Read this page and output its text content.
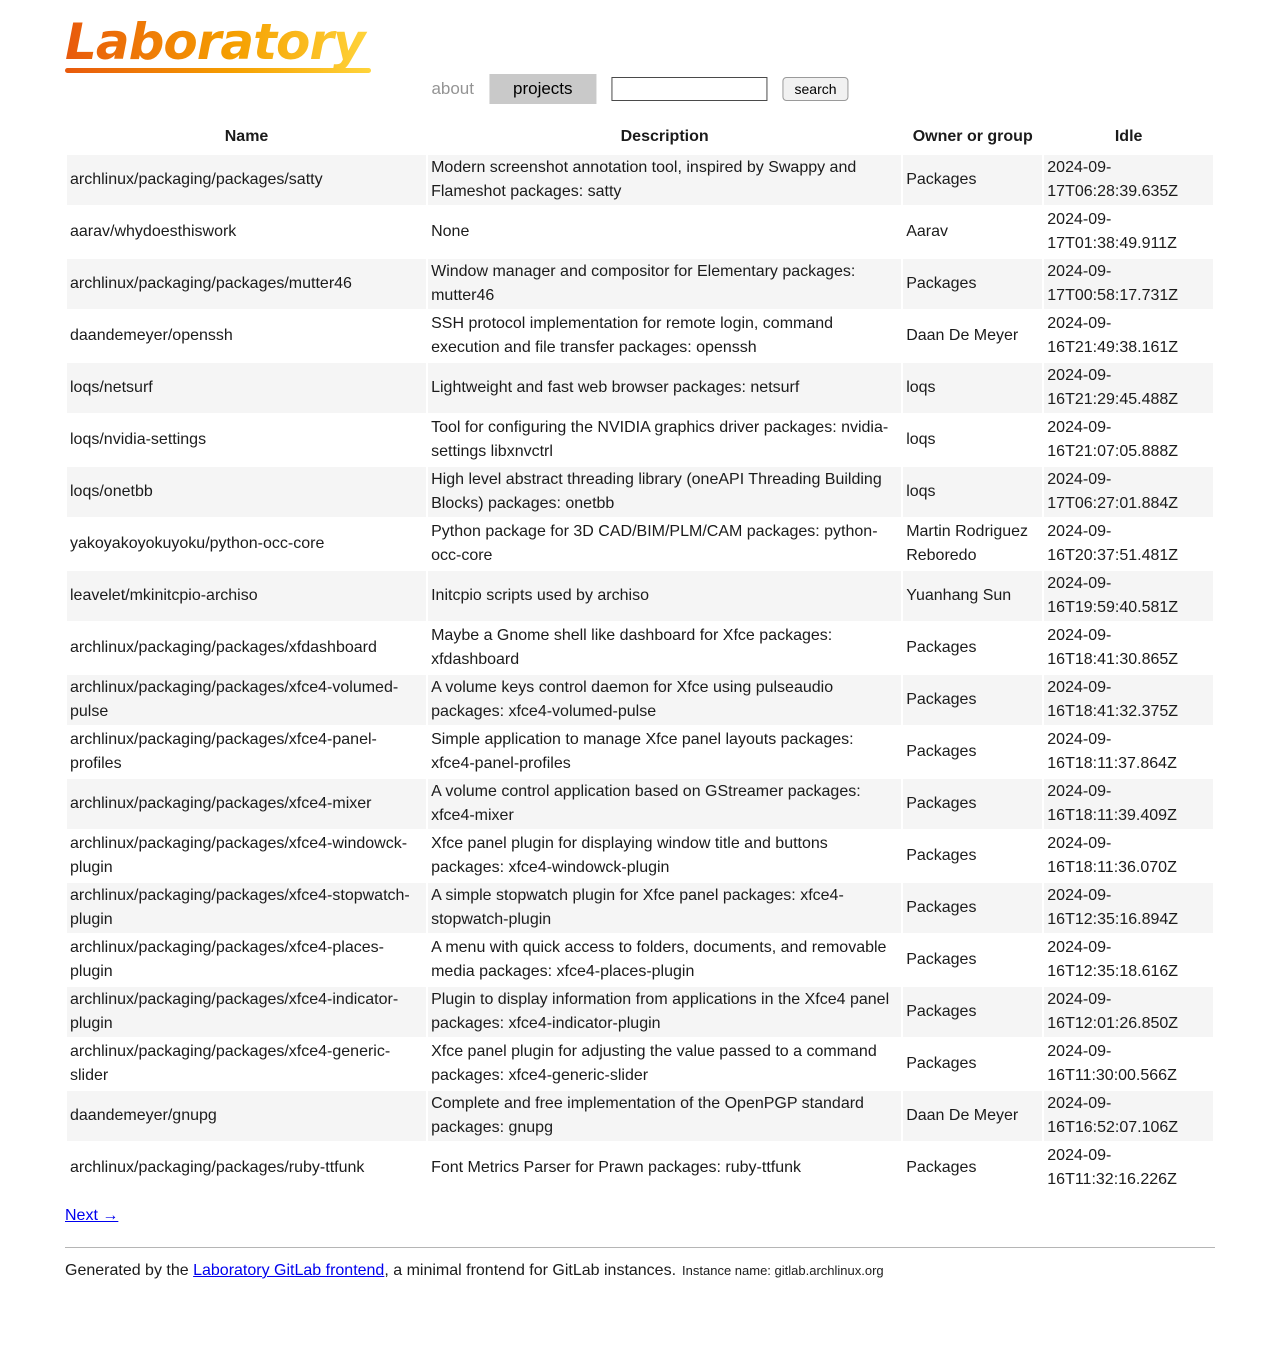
Laboratory
about	projects	search
Name	Description	Owner or group	Idle
archlinux/packaging/packages/satty	Modern screenshot annotation tool, inspired by Swappy and Flameshot packages: satty	Packages	2024-09-17T06:28:39.635Z
aarav/whydoesthiswork	None	Aarav	2024-09-17T01:38:49.911Z
archlinux/packaging/packages/mutter46	Window manager and compositor for Elementary packages: mutter46	Packages	2024-09-17T00:58:17.731Z
daandemeyer/openssh	SSH protocol implementation for remote login, command execution and file transfer packages: openssh	Daan De Meyer	2024-09-16T21:49:38.161Z
loqs/netsurf	Lightweight and fast web browser packages: netsurf	loqs	2024-09-16T21:29:45.488Z
loqs/nvidia-settings	Tool for configuring the NVIDIA graphics driver packages: nvidia-settings libxnvctrl	loqs	2024-09-16T21:07:05.888Z
loqs/onetbb	High level abstract threading library (oneAPI Threading Building Blocks) packages: onetbb	loqs	2024-09-17T06:27:01.884Z
yakoyakoyokuyoku/python-occ-core	Python package for 3D CAD/BIM/PLM/CAM packages: python-occ-core	Martin Rodriguez Reboredo	2024-09-16T20:37:51.481Z
leavelet/mkinitcpio-archiso	Initcpio scripts used by archiso	Yuanhang Sun	2024-09-16T19:59:40.581Z
archlinux/packaging/packages/xfdashboard	Maybe a Gnome shell like dashboard for Xfce packages: xfdashboard	Packages	2024-09-16T18:41:30.865Z
archlinux/packaging/packages/xfce4-volumed-pulse	A volume keys control daemon for Xfce using pulseaudio packages: xfce4-volumed-pulse	Packages	2024-09-16T18:41:32.375Z
archlinux/packaging/packages/xfce4-panel-profiles	Simple application to manage Xfce panel layouts packages: xfce4-panel-profiles	Packages	2024-09-16T18:11:37.864Z
archlinux/packaging/packages/xfce4-mixer	A volume control application based on GStreamer packages: xfce4-mixer	Packages	2024-09-16T18:11:39.409Z
archlinux/packaging/packages/xfce4-windowck-plugin	Xfce panel plugin for displaying window title and buttons packages: xfce4-windowck-plugin	Packages	2024-09-16T18:11:36.070Z
archlinux/packaging/packages/xfce4-stopwatch-plugin	A simple stopwatch plugin for Xfce panel packages: xfce4-stopwatch-plugin	Packages	2024-09-16T12:35:16.894Z
archlinux/packaging/packages/xfce4-places-plugin	A menu with quick access to folders, documents, and removable media packages: xfce4-places-plugin	Packages	2024-09-16T12:35:18.616Z
archlinux/packaging/packages/xfce4-indicator-plugin	Plugin to display information from applications in the Xfce4 panel packages: xfce4-indicator-plugin	Packages	2024-09-16T12:01:26.850Z
archlinux/packaging/packages/xfce4-generic-slider	Xfce panel plugin for adjusting the value passed to a command packages: xfce4-generic-slider	Packages	2024-09-16T11:30:00.566Z
daandemeyer/gnupg	Complete and free implementation of the OpenPGP standard packages: gnupg	Daan De Meyer	2024-09-16T16:52:07.106Z
archlinux/packaging/packages/ruby-ttfunk	Font Metrics Parser for Prawn packages: ruby-ttfunk	Packages	2024-09-16T11:32:16.226Z
Next →
Generated by the Laboratory GitLab frontend, a minimal frontend for GitLab instances. Instance name: gitlab.archlinux.org
